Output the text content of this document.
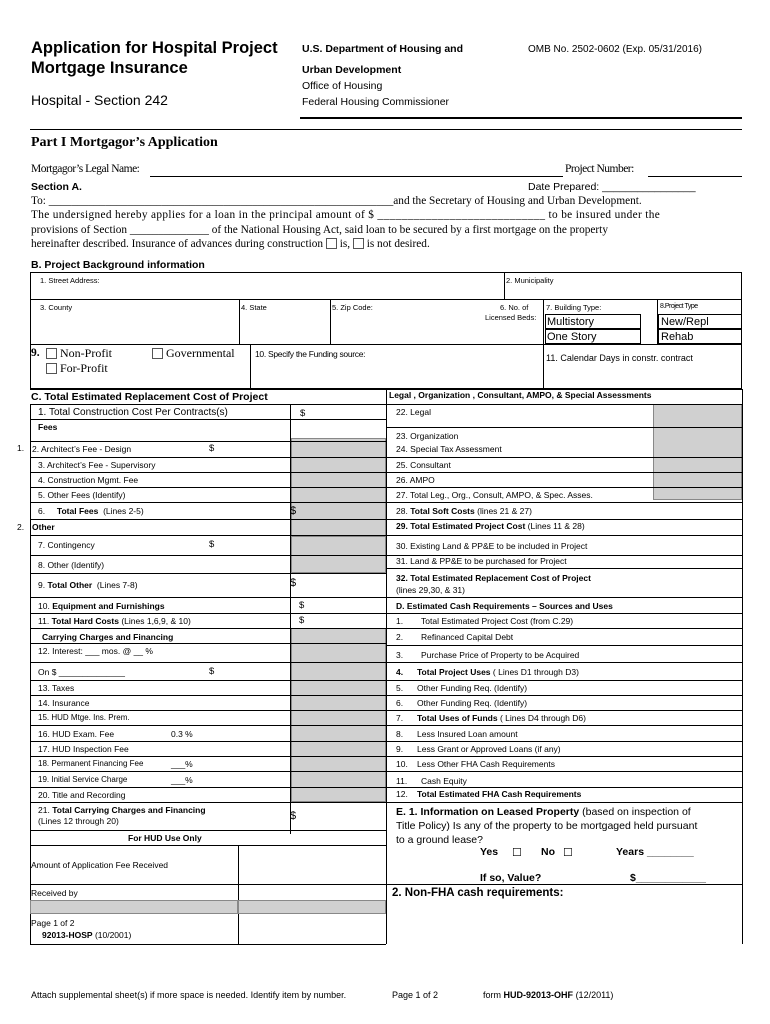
Application for Hospital Project
Mortgage Insurance
Hospital - Section 242
U.S. Department of Housing and
Urban Development
Office of Housing
Federal Housing Commissioner
OMB No. 2502-0602 (Exp. 05/31/2016)
Part I Mortgagor’s Application
Mortgagor’s Legal Name:	Project Number:
Section A.	Date Prepared: ________________
To: _____________________________________________________________and the Secretary of Housing and Urban Development.
The undersigned hereby applies for a loan in the principal amount of $ ____________________________ to be insured under the
provisions of Section ______________ of the National Housing Act, said loan to be secured by a first mortgage on the property
hereinafter described. Insurance of advances during construction is, is not desired.
B. Project Background information
1. Street Address:	2. Municipality
3. County	4. State	5. Zip Code:	6. No. of
Licensed Beds:
7. Building Type:
Multistory
One Story
8.Project Type
New/Repl
Rehab
9.	Non-Profit
For-Profit
Governmental 10. Specify the Funding source:	11. Calendar Days in constr. contract
C. Total Estimated Replacement Cost of Project
1. Total Construction Cost Per Contracts(s)	$
Fees
1. 2. Architect’s Fee - Design	$
3. Architect’s Fee - Supervisory
4. Construction Mgmt. Fee
5. Other Fees (Identify)
6. Total Fees (Lines 2-5)	$
2. Other
7. Contingency	$
8. Other (Identify)
9. Total Other (Lines 7-8)	$
10. Equipment and Furnishings	$
11. Total Hard Costs (Lines 1,6,9, & 10)	$
Carrying Charges and Financing
12. Interest: ___ mos. @ __ %
On $ ______________	$
13. Taxes
14. Insurance
15. HUD Mtge. Ins. Prem.
16. HUD Exam. Fee	0.3 %
17. HUD Inspection Fee
18. Permanent Financing Fee	___%
19. Initial Service Charge	___%
20. Title and Recording
21. Total Carrying Charges and Financing
(Lines 12 through 20)	$
For HUD Use Only
Amount of Application Fee Received
Received by
Page 1 of 2
92013-HOSP (10/2001)
Legal , Organization , Consultant, AMPO, & Special Assessments
22. Legal
23. Organization
24. Special Tax Assessment
25. Consultant
26. AMPO
27. Total Leg., Org., Consult, AMPO, & Spec. Asses.
28. Total Soft Costs (lines 21 & 27)
29. Total Estimated Project Cost (Lines 11 & 28)
30. Existing Land & PP&E to be included in Project
31. Land & PP&E to be purchased for Project
32. Total Estimated Replacement Cost of Project
(lines 29,30, & 31)
D. Estimated Cash Requirements – Sources and Uses
1. Total Estimated Project Cost (from C.29)
2. Refinanced Capital Debt
3. Purchase Price of Property to be Acquired
4. Total Project Uses ( Lines D1 through D3)
5. Other Funding Req. (Identify)
6. Other Funding Req. (Identify)
7. Total Uses of Funds ( Lines D4 through D6)
8. Less Insured Loan amount
9. Less Grant or Approved Loans (if any)
10. Less Other FHA Cash Requirements
11. Cash Equity
12. Total Estimated FHA Cash Requirements
E. 1. Information on Leased Property (based on inspection of
Title Policy) Is any of the property to be mortgaged held pursuant
to a ground lease?
Yes ☐ No ☐	Years ________
If so, Value?	$____________
2. Non-FHA cash requirements:
Attach supplemental sheet(s) if more space is needed. Identify item by number.	Page 1 of 2	form HUD-92013-OHF (12/2011)
